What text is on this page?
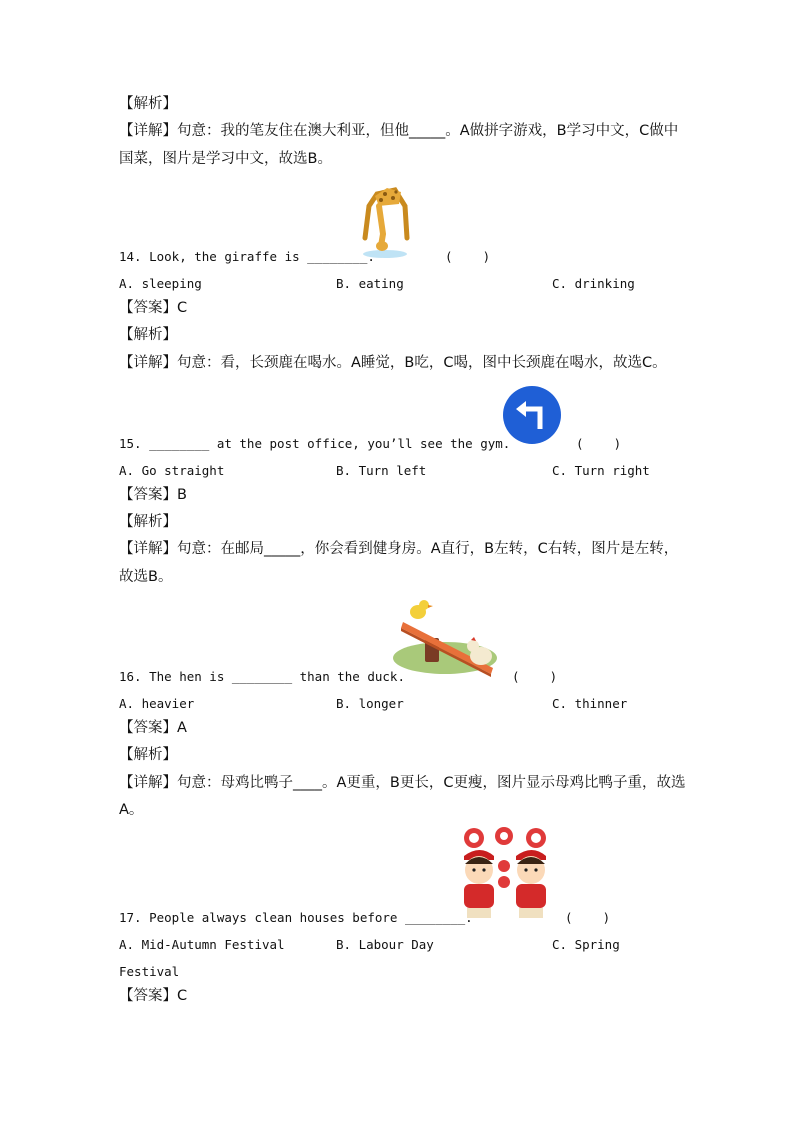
【解析】
【详解】句意：我的笔友住在澳大利亚，但他_____。A做拼字游戏，B学习中文，C做中
国菜，图片是学习中文，故选B。
14. Look, the giraffe is ________.	(    )
A. sleeping	B. eating	C. drinking
【答案】C
【解析】
【详解】句意：看，长颈鹿在喝水。A睡觉，B吃，C喝，图中长颈鹿在喝水，故选C。
15. ________ at the post office, you’ll see the gym.	(    )
A. Go straight	B. Turn left	C. Turn right
【答案】B
【解析】
【详解】句意：在邮局_____，你会看到健身房。A直行，B左转，C右转，图片是左转，
故选B。
16. The hen is ________ than the duck.	(    )
A. heavier	B. longer	C. thinner
【答案】A
【解析】
【详解】句意：母鸡比鸭子____。A更重，B更长，C更瘦，图片显示母鸡比鸭子重，故选
A。
17. People always clean houses before ________.	(    )
A. Mid-Autumn Festival	B. Labour Day	C. Spring
Festival
【答案】C
